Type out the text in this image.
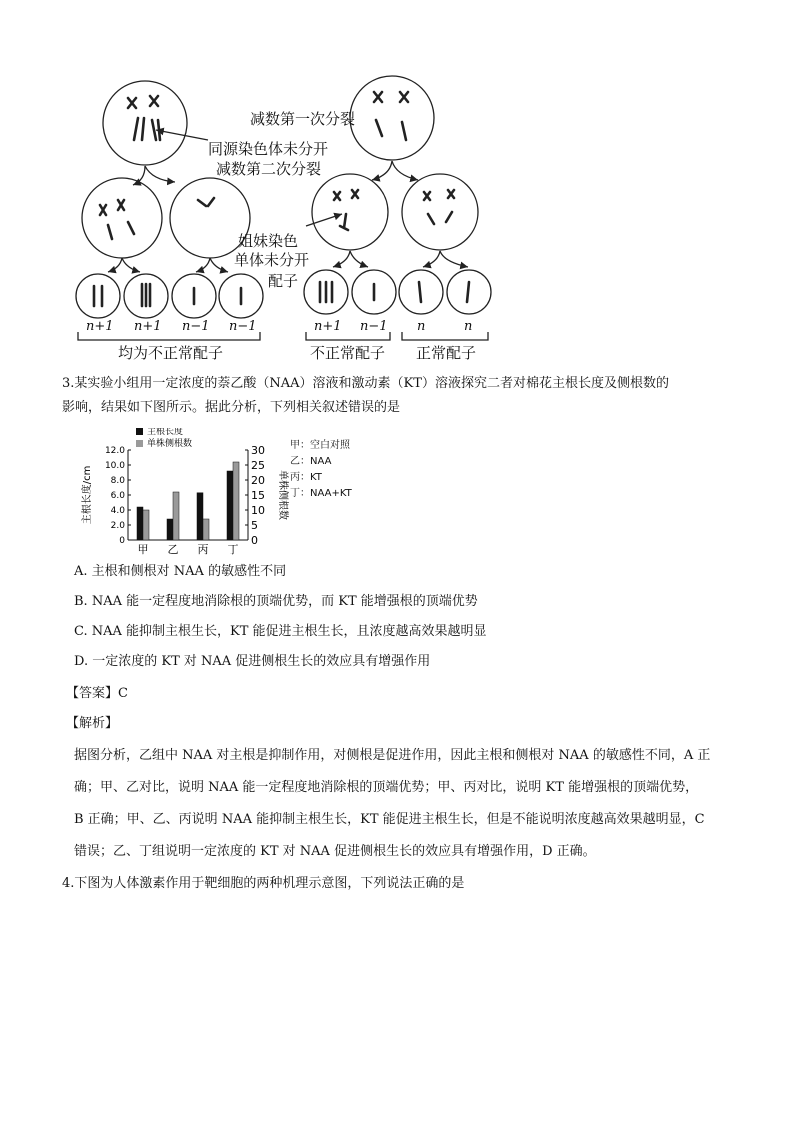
减数第一次分裂
同源染色体未分开
减数第二次分裂
姐妹染色
单体未分开
配子
n+1 n+1 n−1 n−1	n+1 n−1 n	n
均为不正常配子	不正常配子 正常配子
3.某实验小组用一定浓度的萘乙酸（NAA）溶液和激动素（KT）溶液探究二者对棉花主根长度及侧根数的
影响，结果如下图所示。据此分析，下列相关叙述错误的是
0
2.0
4.0
6.0
8.0
10.0
12.0
0
5
10
15
20
25
30
主根长度/cm	单株侧根数
主根长度
单株侧根数
甲 乙 丙 丁
甲：空白对照
乙：NAA
丙：KT
丁：NAA+KT
A. 主根和侧根对 NAA 的敏感性不同
B. NAA 能一定程度地消除根的顶端优势，而 KT 能增强根的顶端优势
C. NAA 能抑制主根生长，KT 能促进主根生长，且浓度越高效果越明显
D. 一定浓度的 KT 对 NAA 促进侧根生长的效应具有增强作用
【答案】C
【解析】
据图分析，乙组中 NAA 对主根是抑制作用，对侧根是促进作用，因此主根和侧根对 NAA 的敏感性不同，A 正
确；甲、乙对比，说明 NAA 能一定程度地消除根的顶端优势；甲、丙对比，说明 KT 能增强根的顶端优势，
B 正确；甲、乙、丙说明 NAA 能抑制主根生长，KT 能促进主根生长，但是不能说明浓度越高效果越明显，C
错误；乙、丁组说明一定浓度的 KT 对 NAA 促进侧根生长的效应具有增强作用，D 正确。
4.下图为人体激素作用于靶细胞的两种机理示意图，下列说法正确的是
